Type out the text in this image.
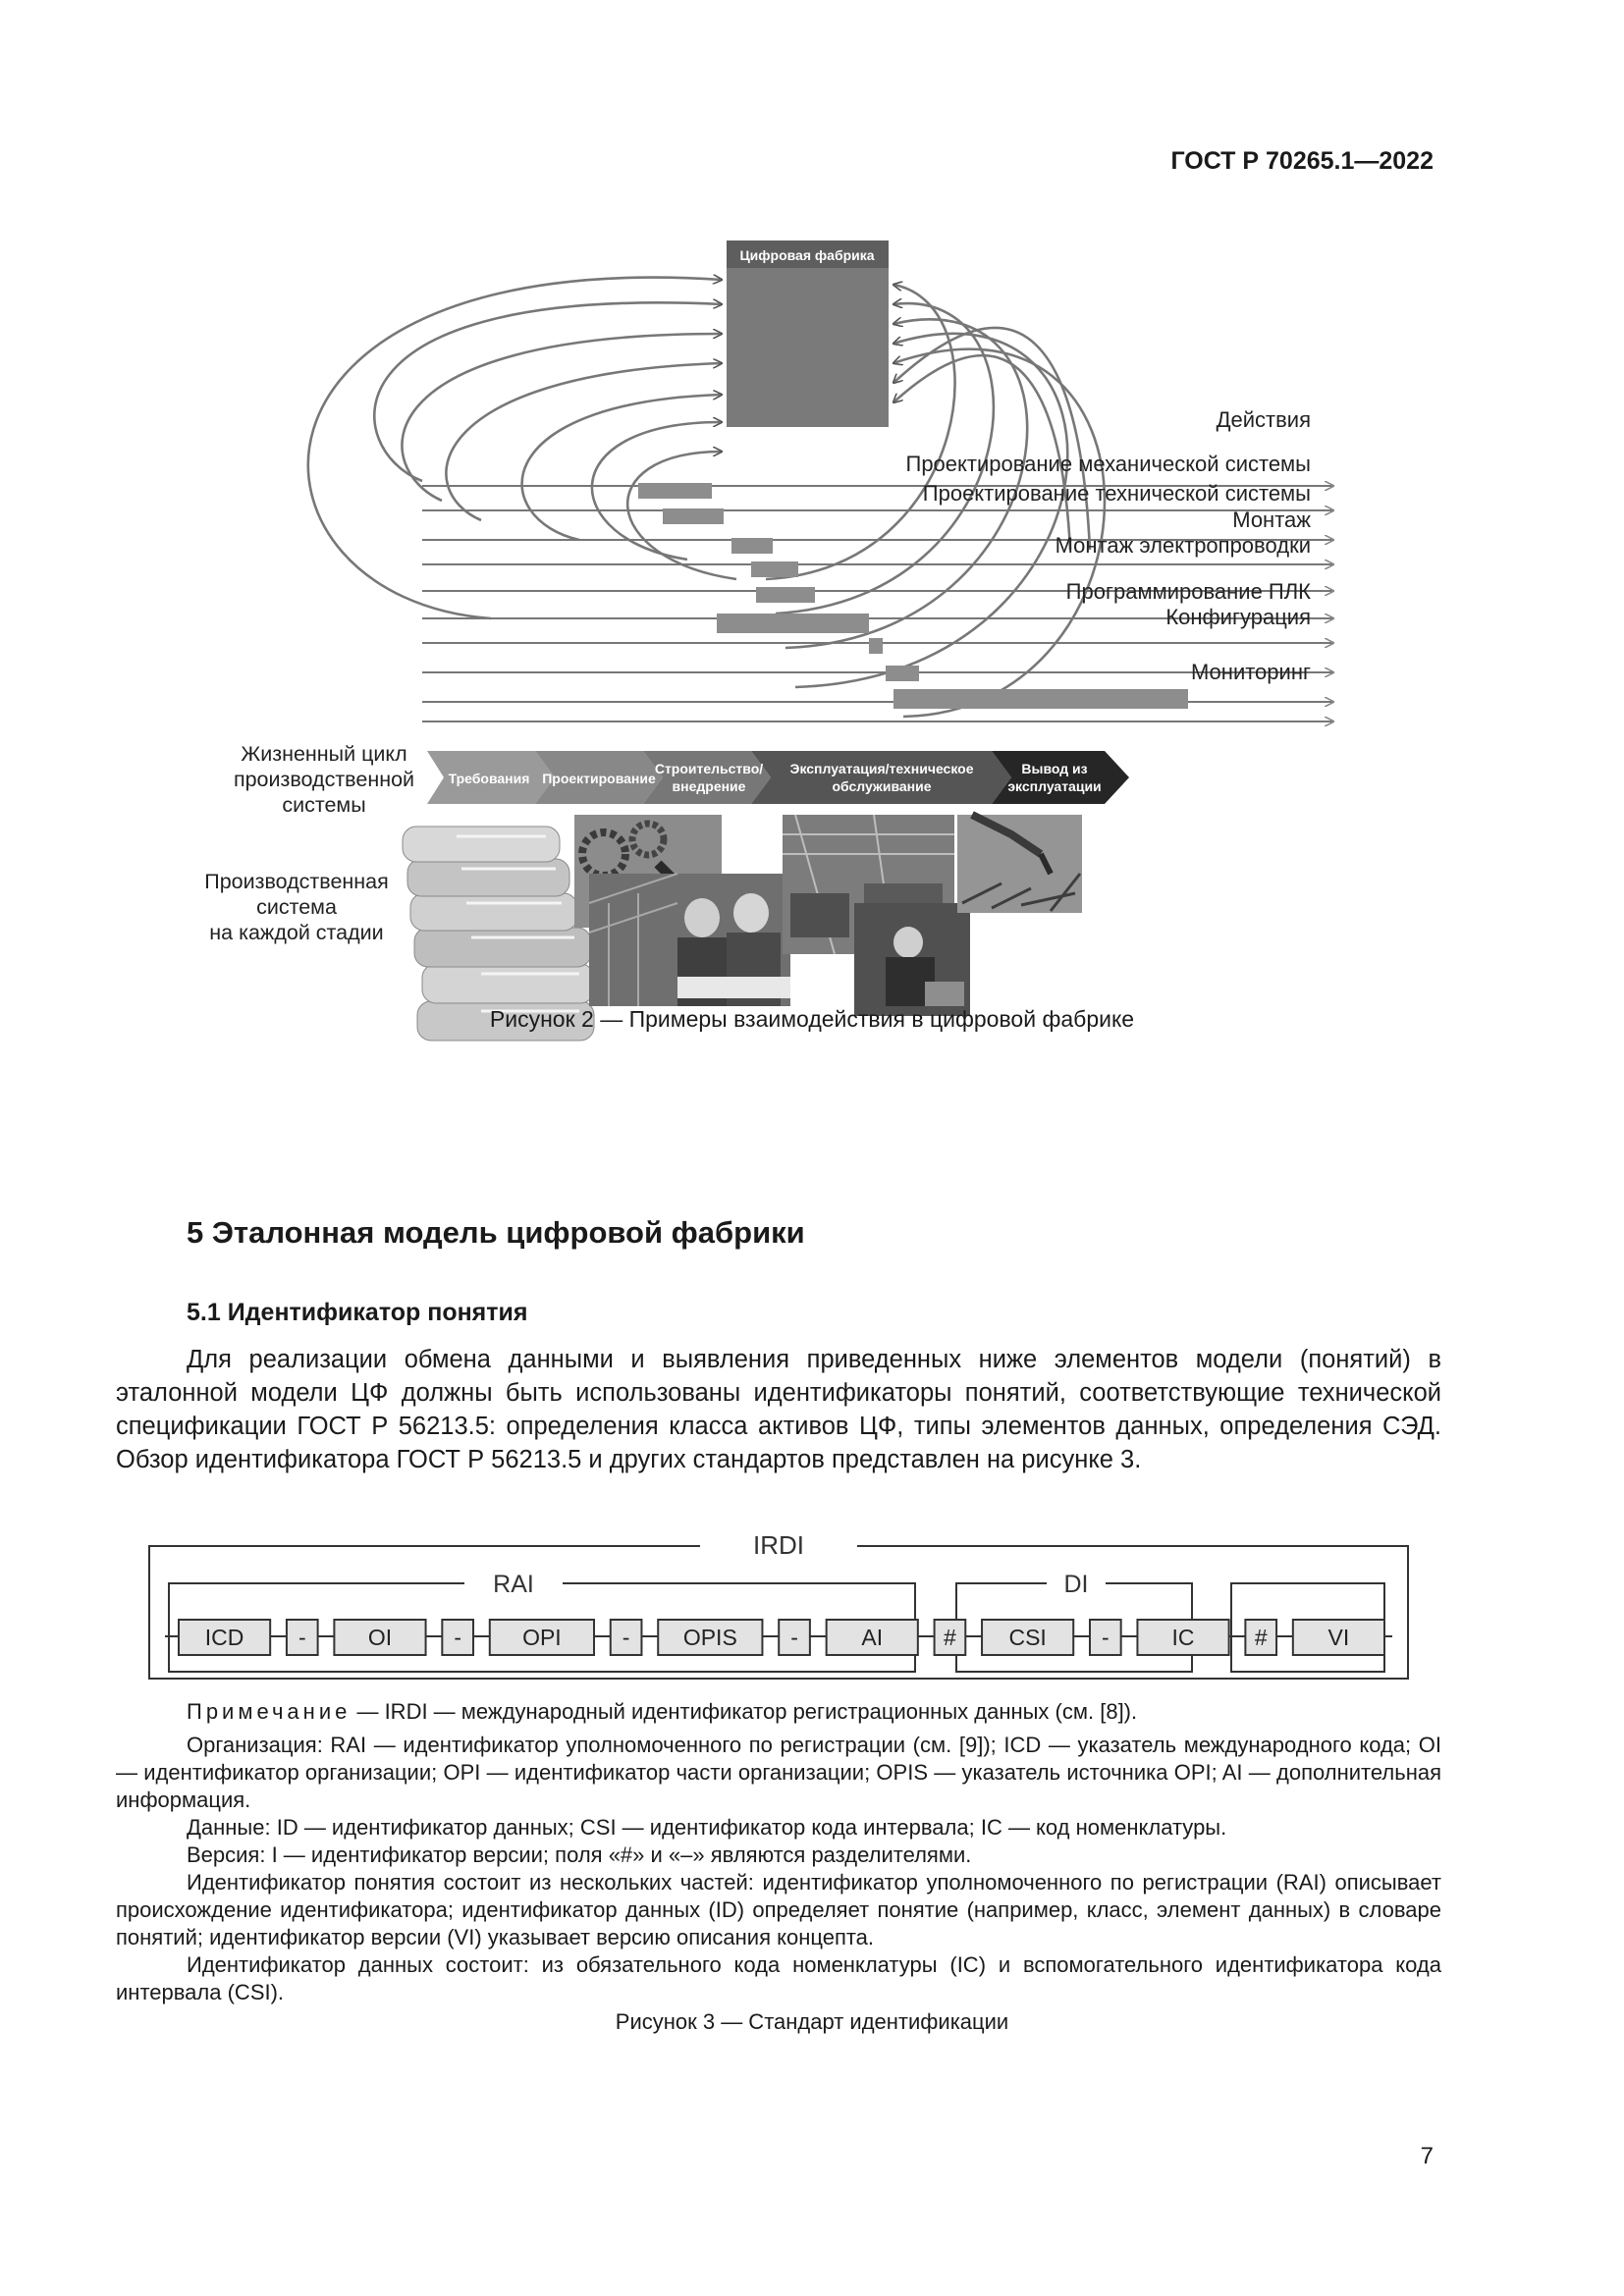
ГОСТ Р 70265.1—2022
Цифровая фабрика
Проектирование механической системы
Проектирование технической системы
Монтаж
Монтаж электропроводки
Программирование ПЛК
Конфигурация
Мониторинг
Действия
Жизненный цикл производственной системы
Требования Проектирование
Строительство/ внедрение
Эксплуатация/техническое обслуживание
Вывод из эксплуатации
Производственная система на каждой стадии
Рисунок 2 — Примеры взаимодействия в цифровой фабрике
5 Эталонная модель цифровой фабрики
5.1 Идентификатор понятия
Для реализации обмена данными и выявления приведенных ниже элементов модели (понятий) в эталонной модели ЦФ должны быть использованы идентификаторы понятий, соответствующие технической спецификации ГОСТ Р 56213.5: определения класса активов ЦФ, типы элементов данных, определения СЭД. Обзор идентификатора ГОСТ Р 56213.5 и других стандартов представлен на рисунке 3.
IRDI
RAI	DI
ICD -	OI	-	OPI	- OPIS -	AI	# CSI -	IC	#	VI

Примечание — IRDI — международный идентификатор регистрационных данных (см. [8]).

Организация: RAI — идентификатор уполномоченного по регистрации (см. [9]); ICD — указатель международного кода; OI — идентификатор организации; OPI — идентификатор части организации; OPIS — указатель источника OPI; AI — дополнительная информация.

Данные: ID — идентификатор данных; CSI — идентификатор кода интервала; IC — код номенклатуры.

Версия: I — идентификатор версии; поля «#» и «–» являются разделителями.

Идентификатор понятия состоит из нескольких частей: идентификатор уполномоченного по регистрации (RAI) описывает происхождение идентификатора; идентификатор данных (ID) определяет понятие (например, класс, элемент данных) в словаре понятий; идентификатор версии (VI) указывает версию описания концепта.

Идентификатор данных состоит: из обязательного кода номенклатуры (IC) и вспомогательного идентификатора кода интервала (CSI).

Рисунок 3 — Стандарт идентификации
7
